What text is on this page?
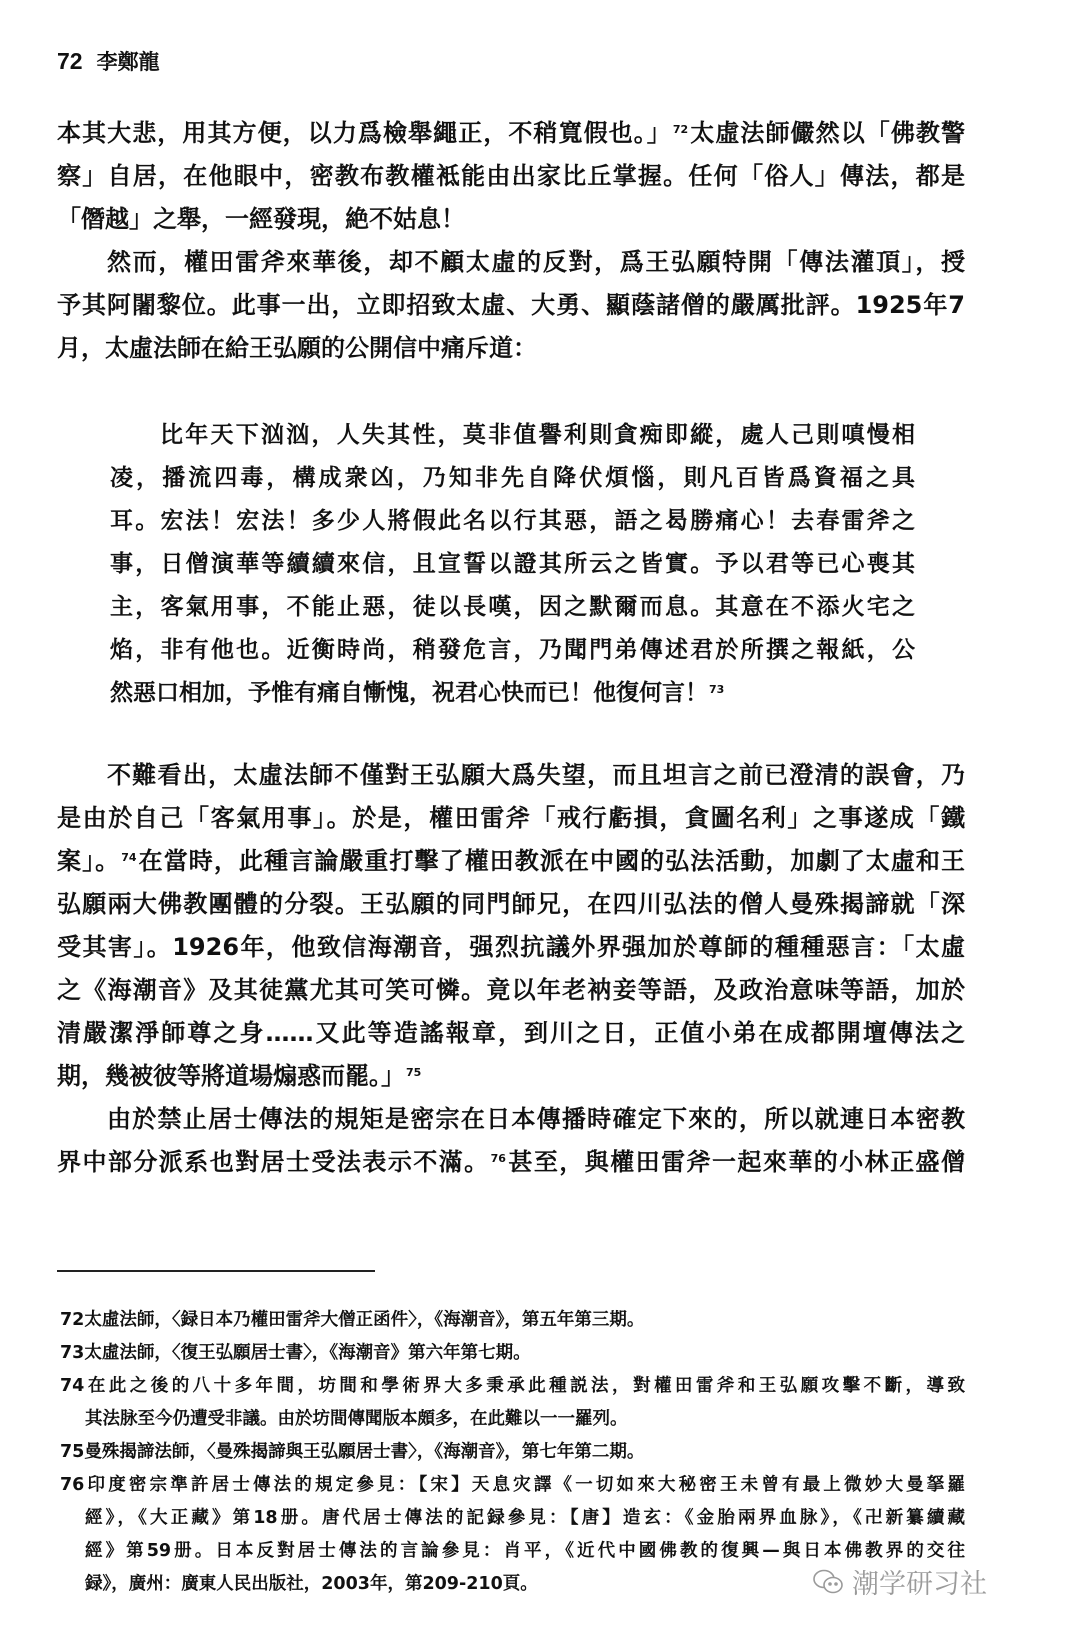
72 李鄭龍
本其大悲，用其方便，以力爲檢舉繩正，不稍寬假也。」$^{72}$太虛法師儼然以「佛教警
察」自居，在他眼中，密教布教權袛能由出家比丘掌握。任何「俗人」傳法，都是
「僭越」之舉，一經發現，絶不姑息！
然而，權田雷斧來華後，却不顧太虛的反對，爲王弘願特開「傳法灌頂」，授
予其阿闍黎位。此事一出，立即招致太虛、大勇、顯蔭諸僧的嚴厲批評。1925年7
月，太虛法師在給王弘願的公開信中痛斥道：
比年天下汹汹，人失其性，莫非值譽利則貪痴即縱，處人己則嗔慢相
凌，播流四毒，構成衆凶，乃知非先自降伏煩惱，則凡百皆爲資福之具
耳。宏法！宏法！多少人將假此名以行其惡，語之曷勝痛心！去春雷斧之
事，日僧演華等續續來信，且宣誓以證其所云之皆實。予以君等已心喪其
主，客氣用事，不能止惡，徒以長嘆，因之默爾而息。其意在不添火宅之
焰，非有他也。近衡時尚，稍發危言，乃聞門弟傳述君於所撰之報紙，公
然惡口相加，予惟有痛自慚愧，祝君心快而已！他復何言！$^{73}$
不難看出，太虛法師不僅對王弘願大爲失望，而且坦言之前已澄清的誤會，乃
是由於自己「客氣用事」。於是，權田雷斧「戒行虧損，貪圖名利」之事遂成「鐵
案」。$^{74}$在當時，此種言論嚴重打擊了權田教派在中國的弘法活動，加劇了太虛和王
弘願兩大佛教團體的分裂。王弘願的同門師兄，在四川弘法的僧人曼殊揭諦就「深
受其害」。1926年，他致信海潮音，强烈抗議外界强加於尊師的種種惡言：「太虛
之《海潮音》及其徒黨尤其可笑可憐。竟以年老衲妾等語，及政治意味等語，加於
清嚴潔淨師尊之身……又此等造謠報章，到川之日，正值小弟在成都開壇傳法之
期，幾被彼等將道場煽惑而罷。」$^{75}$
由於禁止居士傳法的規矩是密宗在日本傳播時確定下來的，所以就連日本密教
界中部分派系也對居士受法表示不滿。$^{76}$甚至，與權田雷斧一起來華的小林正盛僧
72太虛法師，〈録日本乃權田雷斧大僧正函件〉，《海潮音》，第五年第三期。
73太虛法師，〈復王弘願居士書〉，《海潮音》第六年第七期。
74在此之後的八十多年間，坊間和學術界大多秉承此種説法，對權田雷斧和王弘願攻擊不斷，導致
其法脉至今仍遭受非議。由於坊間傳聞版本頗多，在此難以一一羅列。
75曼殊揭諦法師，〈曼殊揭諦與王弘願居士書〉，《海潮音》，第七年第二期。
76印度密宗準許居士傳法的規定參見：【宋】天息灾譯《一切如來大秘密王未曾有最上微妙大曼拏羅
經》，《大正藏》第18册。唐代居士傳法的記録參見：【唐】造玄：《金胎兩界血脉》，《卍新纂續藏
經》第59册。日本反對居士傳法的言論參見：肖平，《近代中國佛教的復興—與日本佛教界的交往
録》，廣州：廣東人民出版社，2003年，第209-210頁。	潮学研习社
